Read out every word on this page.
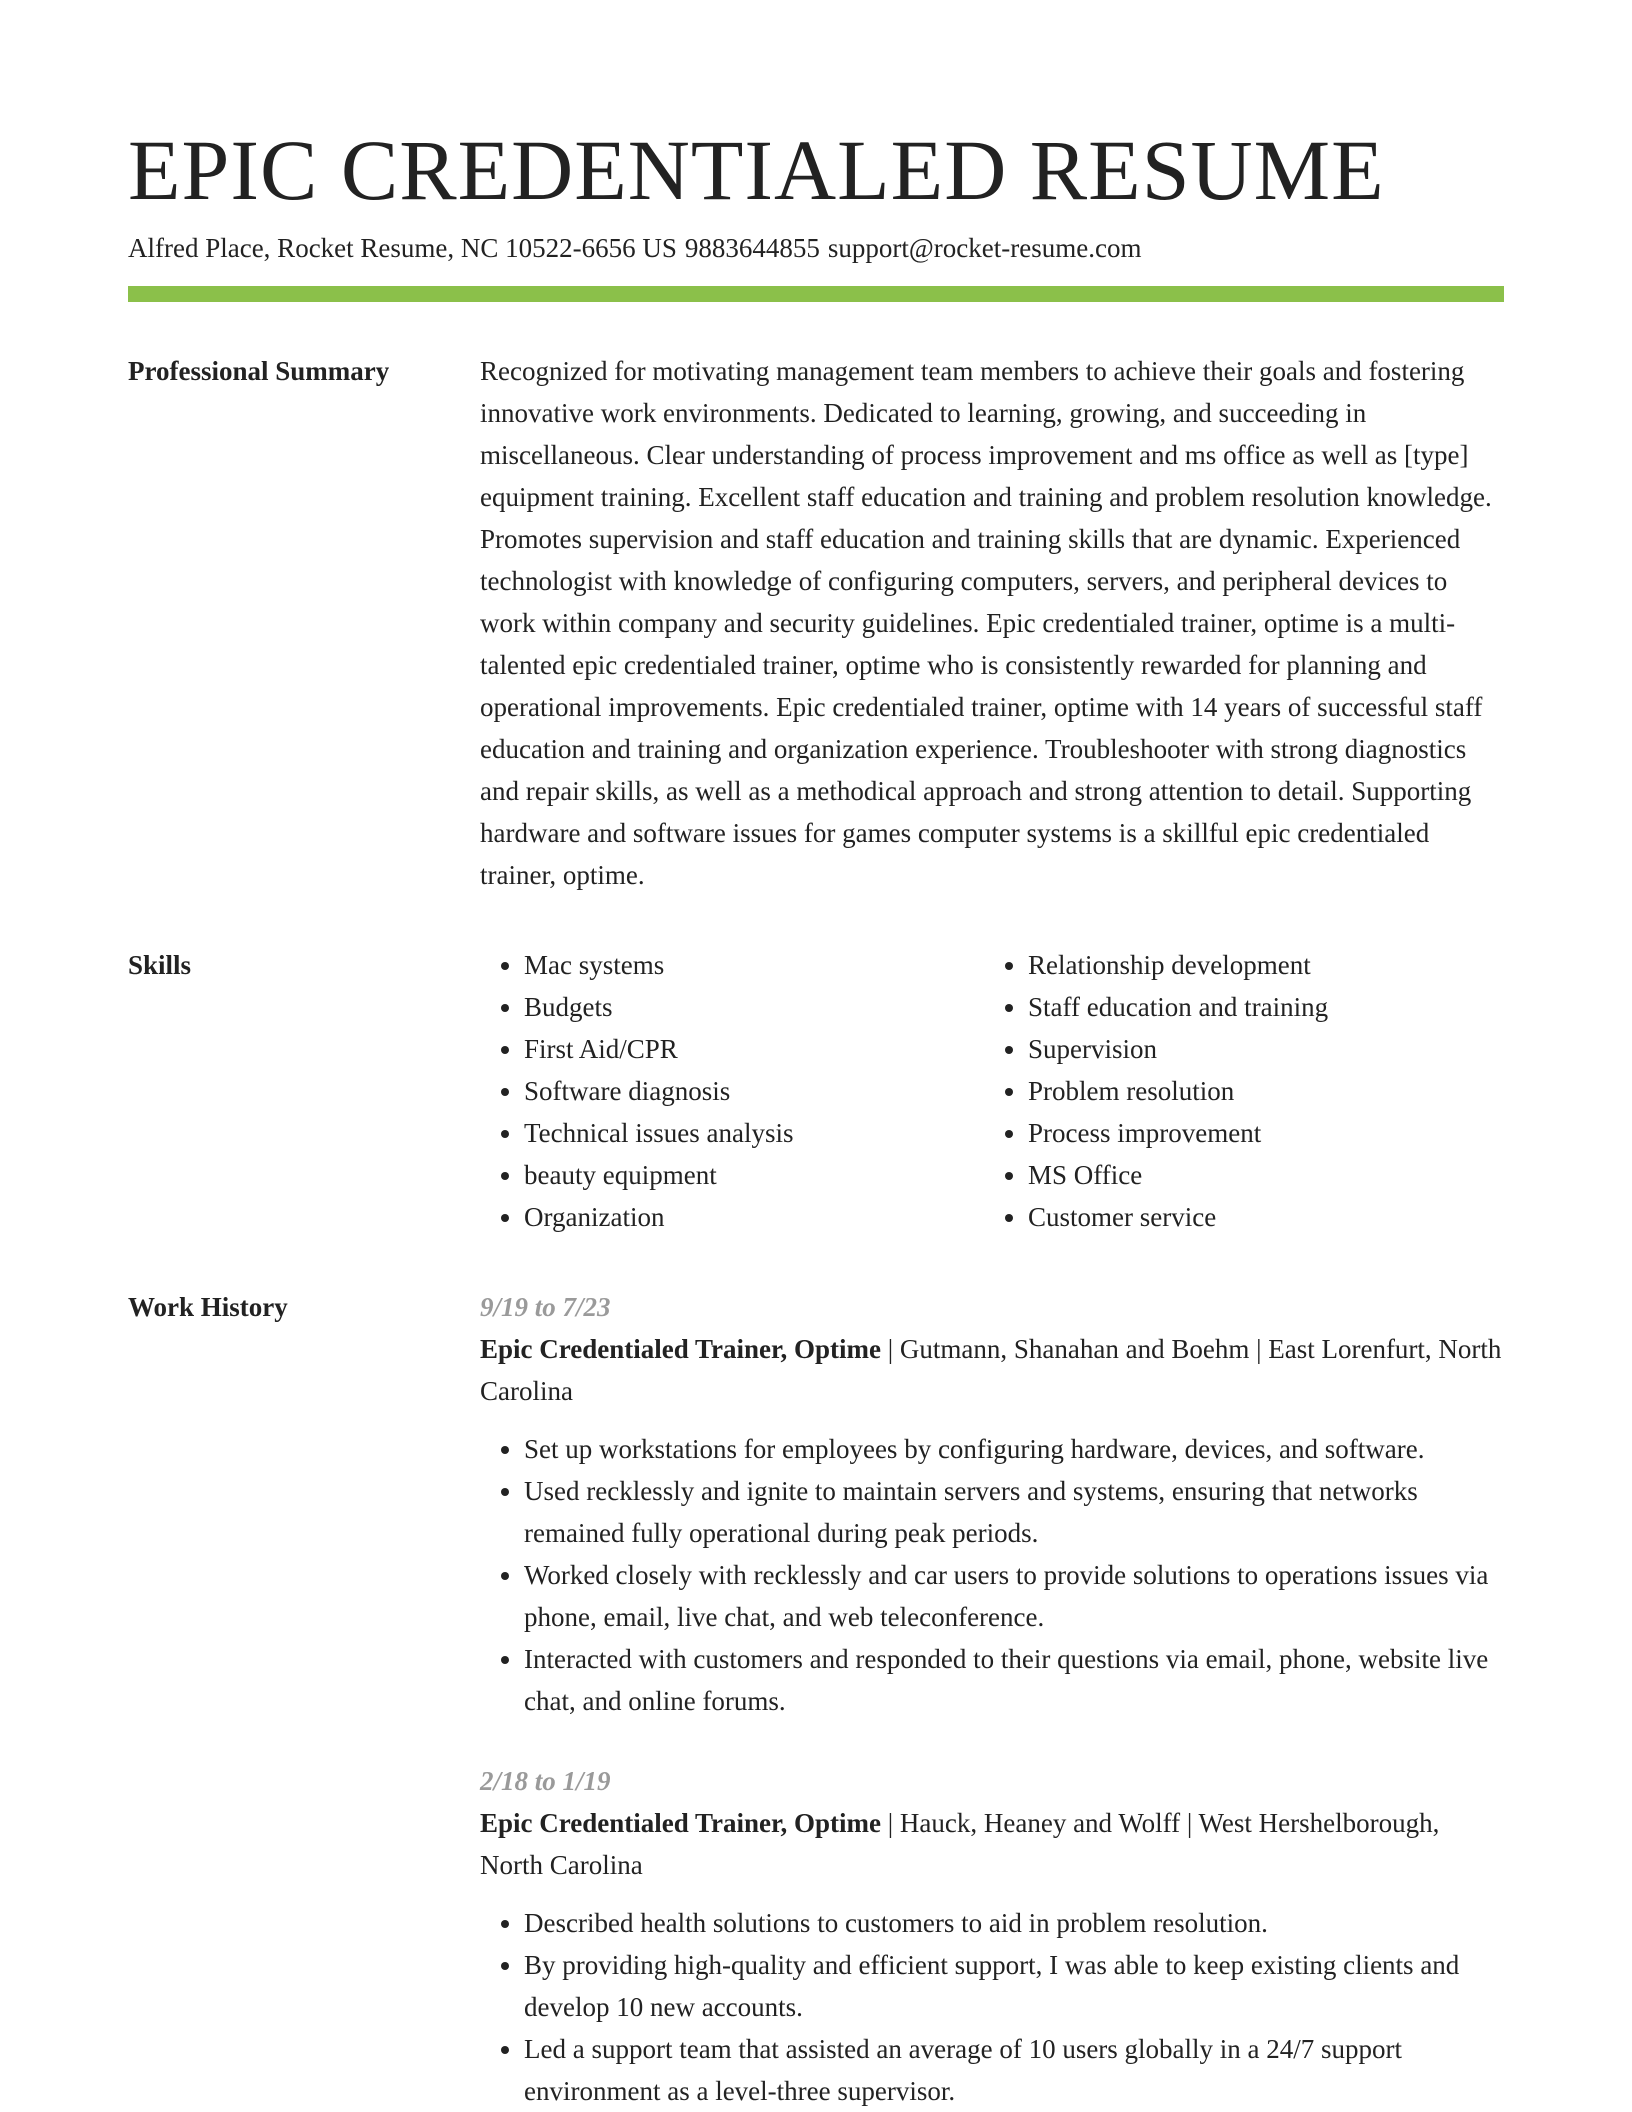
EPIC CREDENTIALED RESUME
Alfred Place, Rocket Resume, NC 10522-6656 US 9883644855 support@rocket-resume.com
Professional Summary	Recognized for motivating management team members to achieve their goals and fostering innovative work environments. Dedicated to learning, growing, and succeeding in miscellaneous. Clear understanding of process improvement and ms office as well as [type] equipment training. Excellent staff education and training and problem resolution knowledge. Promotes supervision and staff education and training skills that are dynamic. Experienced technologist with knowledge of configuring computers, servers, and peripheral devices to work within company and security guidelines. Epic credentialed trainer, optime is a multi-talented epic credentialed trainer, optime who is consistently rewarded for planning and operational improvements. Epic credentialed trainer, optime with 14 years of successful staff education and training and organization experience. Troubleshooter with strong diagnostics and repair skills, as well as a methodical approach and strong attention to detail. Supporting hardware and software issues for games computer systems is a skillful epic credentialed trainer, optime.

Skills
•	Mac systems
• Budgets
• First Aid/CPR
• Software diagnosis
• Technical issues analysis
• beauty equipment
• Organization
• Relationship development
• Staff education and training
• Supervision
• Problem resolution
• Process improvement
• MS Office
• Customer service
Work History	9/19 to 7/23
Epic Credentialed Trainer, Optime | Gutmann, Shanahan and Boehm | East Lorenfurt, North Carolina
• Set up workstations for employees by configuring hardware, devices, and software.
• Used recklessly and ignite to maintain servers and systems, ensuring that networks remained fully operational during peak periods.
• Worked closely with recklessly and car users to provide solutions to operations issues via phone, email, live chat, and web teleconference.
• Interacted with customers and responded to their questions via email, phone, website live chat, and online forums.
2/18 to 1/19
Epic Credentialed Trainer, Optime | Hauck, Heaney and Wolff | West Hershelborough, North Carolina
• Described health solutions to customers to aid in problem resolution.
• By providing high-quality and efficient support, I was able to keep existing clients and develop 10 new accounts.
• Led a support team that assisted an average of 10 users globally in a 24/7 support environment as a level-three supervisor.
